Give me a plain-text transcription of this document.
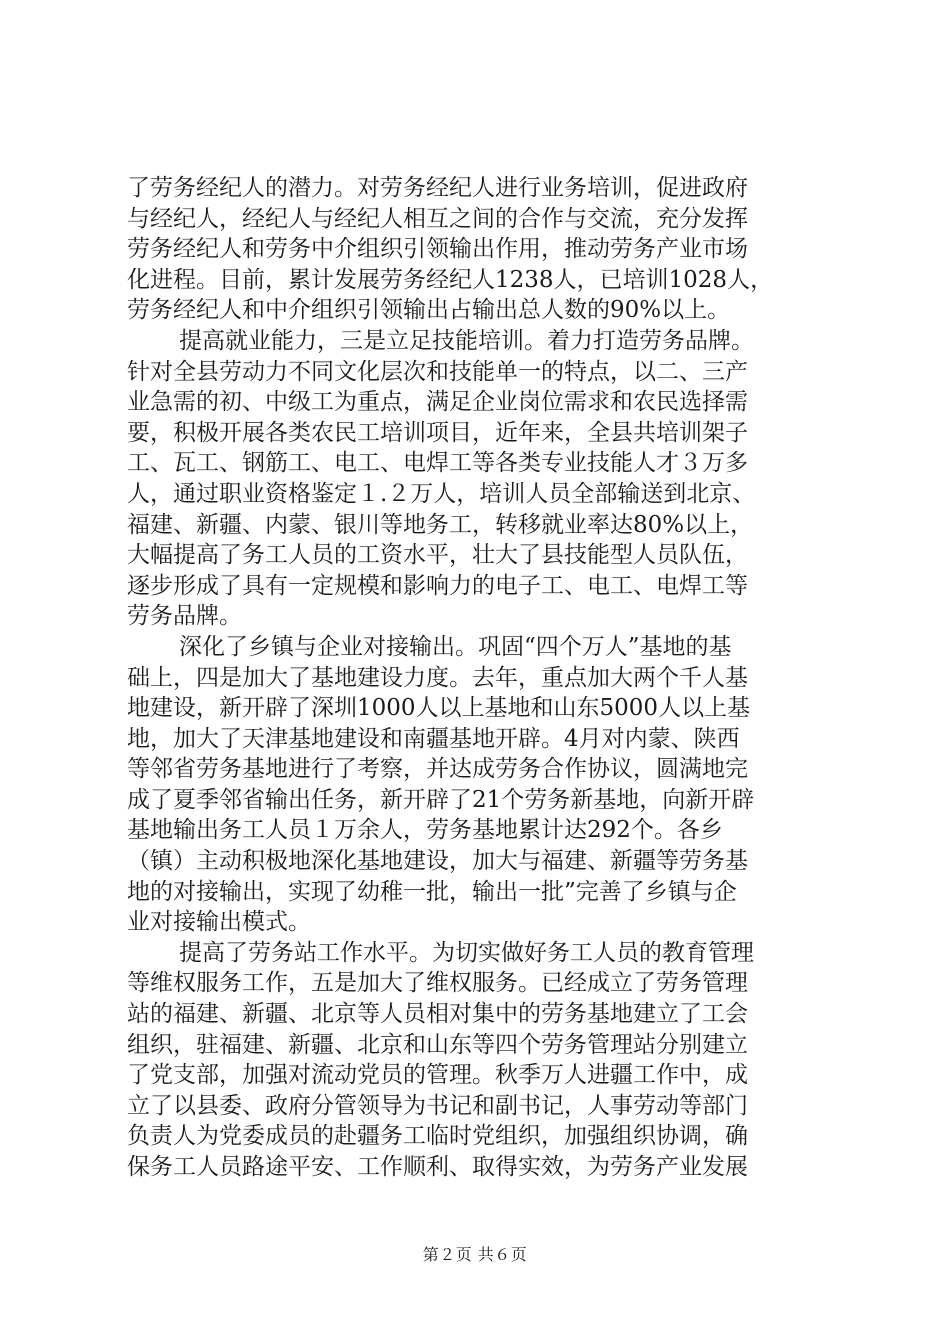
了劳务经纪人的潜力。对劳务经纪人进行业务培训，促进政府
与经纪人，经纪人与经纪人相互之间的合作与交流，充分发挥
劳务经纪人和劳务中介组织引领输出作用，推动劳务产业市场
化进程。目前，累计发展劳务经纪人1238人，已培训1028人，
劳务经纪人和中介组织引领输出占输出总人数的90%以上。
提高就业能力，三是立足技能培训。着力打造劳务品牌。
针对全县劳动力不同文化层次和技能单一的特点，以二、三产
业急需的初、中级工为重点，满足企业岗位需求和农民选择需
要，积极开展各类农民工培训项目，近年来，全县共培训架子
工、瓦工、钢筋工、电工、电焊工等各类专业技能人才３万多
人，通过职业资格鉴定１.２万人，培训人员全部输送到北京、
福建、新疆、内蒙、银川等地务工，转移就业率达80%以上，
大幅提高了务工人员的工资水平，壮大了县技能型人员队伍，
逐步形成了具有一定规模和影响力的电子工、电工、电焊工等
劳务品牌。
深化了乡镇与企业对接输出。巩固“四个万人”基地的基
础上，四是加大了基地建设力度。去年，重点加大两个千人基
地建设，新开辟了深圳1000人以上基地和山东5000人以上基
地，加大了天津基地建设和南疆基地开辟。4月对内蒙、陕西
等邻省劳务基地进行了考察，并达成劳务合作协议，圆满地完
成了夏季邻省输出任务，新开辟了21个劳务新基地，向新开辟
基地输出务工人员１万余人，劳务基地累计达292个。各乡
（镇）主动积极地深化基地建设，加大与福建、新疆等劳务基
地的对接输出，实现了幼稚一批，输出一批”完善了乡镇与企
业对接输出模式。
提高了劳务站工作水平。为切实做好务工人员的教育管理
等维权服务工作，五是加大了维权服务。已经成立了劳务管理
站的福建、新疆、北京等人员相对集中的劳务基地建立了工会
组织，驻福建、新疆、北京和山东等四个劳务管理站分别建立
了党支部，加强对流动党员的管理。秋季万人进疆工作中，成
立了以县委、政府分管领导为书记和副书记，人事劳动等部门
负责人为党委成员的赴疆务工临时党组织，加强组织协调，确
保务工人员路途平安、工作顺利、取得实效，为劳务产业发展
第２页 共６页
